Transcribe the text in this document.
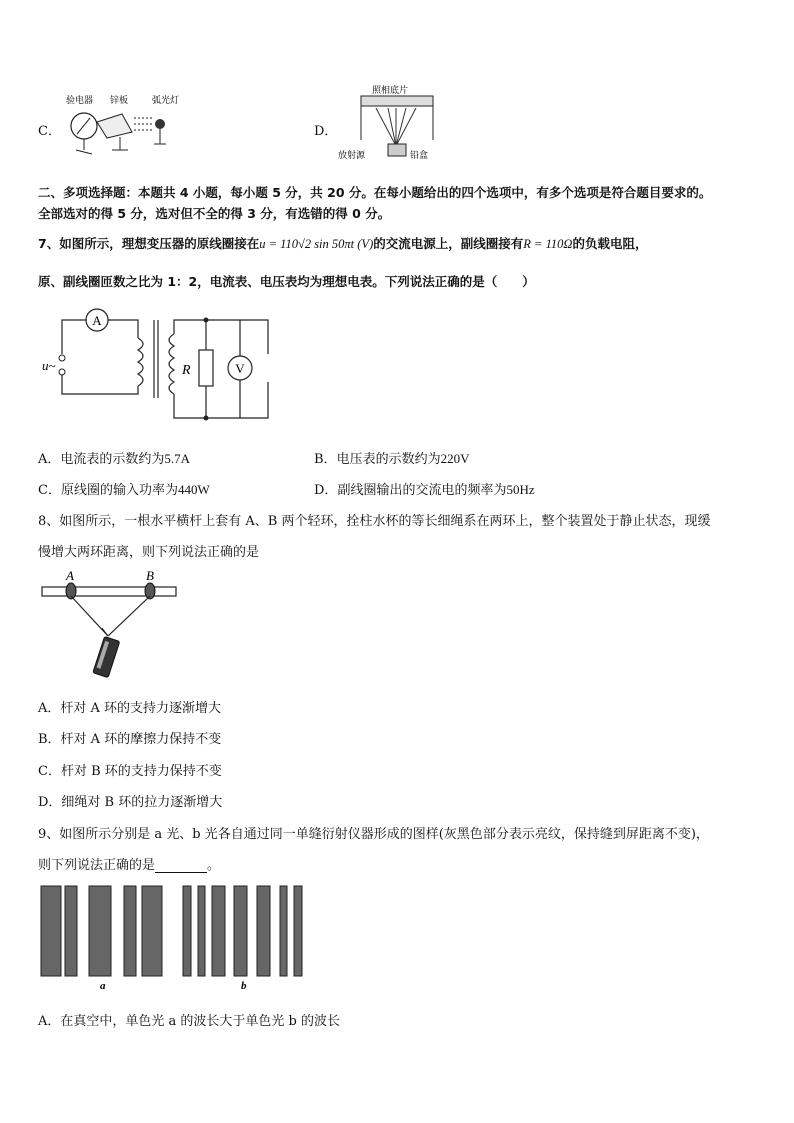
C．
验电器 锌板	弧光灯
D．
照相底片
放射源	铅盒
二、多项选择题：本题共 4 小题，每小题 5 分，共 20 分。在每小题给出的四个选项中，有多个选项是符合题目要求的。
全部选对的得 5 分，选对但不全的得 3 分，有选错的得 0 分。
7、如图所示，理想变压器的原线圈接在u = 110√2 sin 50πt (V)的交流电源上，副线圈接有R = 110Ω的负载电阻，
原、副线圈匝数之比为 1：2，电流表、电压表均为理想电表。下列说法正确的是（　　）
A
u~	R	V
A．电流表的示数约为5.7A	B．电压表的示数约为220V
C．原线圈的输入功率为440W	D．副线圈输出的交流电的频率为50Hz
8、如图所示，一根水平横杆上套有 A、B 两个轻环，拴柱水杯的等长细绳系在两环上，整个装置处于静止状态，现缓
慢增大两环距离，则下列说法正确的是
A	B
A．杆对 A 环的支持力逐渐增大
B．杆对 A 环的摩擦力保持不变
C．杆对 B 环的支持力保持不变
D．细绳对 B 环的拉力逐渐增大
9、如图所示分别是 a 光、b 光各自通过同一单缝衍射仪器形成的图样(灰黑色部分表示亮纹，保持缝到屏距离不变)，
则下列说法正确的是	。
a	b
A．在真空中，单色光 a 的波长大于单色光 b 的波长
